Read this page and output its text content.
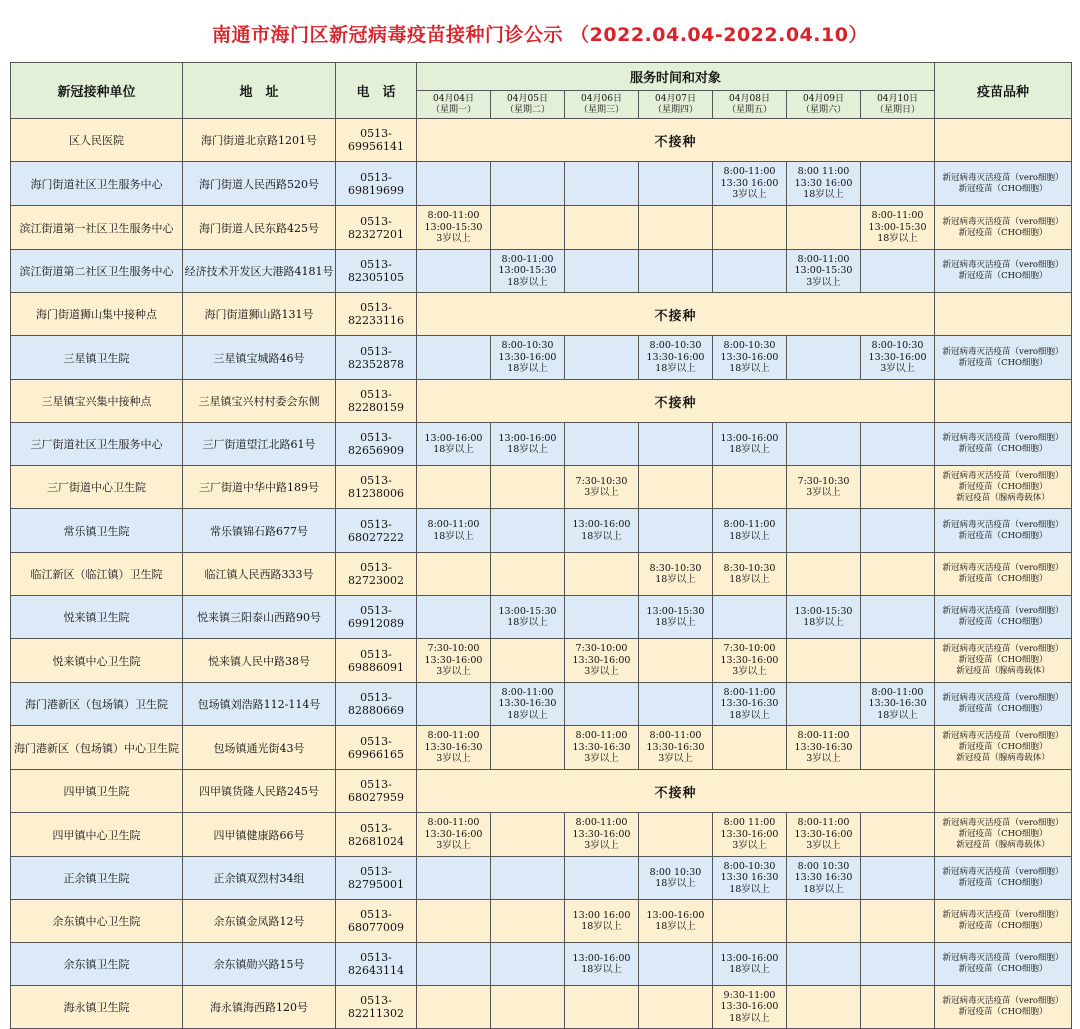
南通市海门区新冠病毒疫苗接种门诊公示 （2022.04.04-2022.04.10）
新冠接种单位	地　址	电　话	服务时间和对象							疫苗品种

			04月04日
（星期一）	04月05日
（星期二）	04月06日
（星期三）	04月07日
（星期四）	04月08日
（星期五）	04月09日
（星期六）	04月10日
（星期日）	

区人民医院	海门街道北京路1201号	0513-69956141	不接种							
海门街道社区卫生服务中心	海门街道人民西路520号	0513-69819699					8:00-11:00
13:30 16:00
3岁以上	8:00 11:00
13:30 16:00
18岁以上		新冠病毒灭活疫苗（vero细胞）
新冠疫苗（CHO细胞）

滨江街道第一社区卫生服务中心	海门街道人民东路425号	0513-82327201	8:00-11:00
13:00-15:30
3岁以上						8:00-11:00
13:00-15:30
18岁以上	新冠病毒灭活疫苗（vero细胞）
新冠疫苗（CHO细胞）

滨江街道第二社区卫生服务中心	经济技术开发区大港路4181号	0513-82305105		8:00-11:00
13:00-15:30
18岁以上				8:00-11:00
13:00-15:30
3岁以上		新冠病毒灭活疫苗（vero细胞）
新冠疫苗（CHO细胞）

海门街道狮山集中接种点	海门街道狮山路131号	0513-82233116	不接种							
三星镇卫生院	三星镇宝城路46号	0513-82352878		8:00-10:30
13:30-16:00
18岁以上		8:00-10:30
13:30-16:00
18岁以上	8:00-10:30
13:30-16:00
18岁以上		8:00-10:30
13:30-16:00
3岁以上	新冠病毒灭活疫苗（vero细胞）
新冠疫苗（CHO细胞）

三星镇宝兴集中接种点	三星镇宝兴村村委会东侧	0513-82280159	不接种							
三厂街道社区卫生服务中心	三厂街道望江北路61号	0513-82656909	13:00-16:00
18岁以上	13:00-16:00
18岁以上			13:00-16:00
18岁以上			新冠病毒灭活疫苗（vero细胞）
新冠疫苗（CHO细胞）

三厂街道中心卫生院	三厂街道中华中路189号	0513-81238006			7:30-10:30
3岁以上			7:30-10:30
3岁以上		新冠病毒灭活疫苗（vero细胞）
新冠疫苗（CHO细胞）
新冠疫苗（腺病毒载体）

常乐镇卫生院	常乐镇锦石路677号	0513-68027222	8:00-11:00
18岁以上		13:00-16:00
18岁以上		8:00-11:00
18岁以上			新冠病毒灭活疫苗（vero细胞）
新冠疫苗（CHO细胞）

临江新区（临江镇）卫生院	临江镇人民西路333号	0513-82723002				8:30-10:30
18岁以上	8:30-10:30
18岁以上			新冠病毒灭活疫苗（vero细胞）
新冠疫苗（CHO细胞）

悦来镇卫生院	悦来镇三阳泰山西路90号	0513-69912089		13:00-15:30
18岁以上		13:00-15:30
18岁以上		13:00-15:30
18岁以上		新冠病毒灭活疫苗（vero细胞）
新冠疫苗（CHO细胞）

悦来镇中心卫生院	悦来镇人民中路38号	0513-69886091	7:30-10:00
13:30-16:00
3岁以上		7:30-10:00
13:30-16:00
3岁以上		7:30-10:00
13:30-16:00
3岁以上			新冠病毒灭活疫苗（vero细胞）
新冠疫苗（CHO细胞）
新冠疫苗（腺病毒载体）

海门港新区（包场镇）卫生院	包场镇刘浩路112-114号	0513-82880669		8:00-11:00
13:30-16:30
18岁以上			8:00-11:00
13:30-16:30
18岁以上		8:00-11:00
13:30-16:30
18岁以上	新冠病毒灭活疫苗（vero细胞）
新冠疫苗（CHO细胞）

海门港新区（包场镇）中心卫生院	包场镇通光街43号	0513-69966165	8:00-11:00
13:30-16:30
3岁以上		8:00-11:00
13:30-16:30
3岁以上	8:00-11:00
13:30-16:30
3岁以上		8:00-11:00
13:30-16:30
3岁以上		新冠病毒灭活疫苗（vero细胞）
新冠疫苗（CHO细胞）
新冠疫苗（腺病毒载体）

四甲镇卫生院	四甲镇货隆人民路245号	0513-68027959	不接种							
四甲镇中心卫生院	四甲镇健康路66号	0513-82681024	8:00-11:00
13:30-16:00
3岁以上		8:00-11:00
13:30-16:00
3岁以上		8:00 11:00
13:30-16:00
3岁以上	8:00-11:00
13:30-16:00
3岁以上		新冠病毒灭活疫苗（vero细胞）
新冠疫苗（CHO细胞）
新冠疫苗（腺病毒载体）

正余镇卫生院	正余镇双烈村34组	0513-82795001				8:00 10:30
18岁以上	8:00-10:30
13:30 16:30
18岁以上	8:00 10:30
13:30 16:30
18岁以上		新冠病毒灭活疫苗（vero细胞）
新冠疫苗（CHO细胞）

余东镇中心卫生院	余东镇金凤路12号	0513-68077009			13:00 16:00
18岁以上	13:00-16:00
18岁以上				新冠病毒灭活疫苗（vero细胞）
新冠疫苗（CHO细胞）

余东镇卫生院	余东镇勋兴路15号	0513-82643114			13:00-16:00
18岁以上		13:00-16:00
18岁以上			新冠病毒灭活疫苗（vero细胞）
新冠疫苗（CHO细胞）

海永镇卫生院	海永镇海西路120号	0513-82211302					9:30-11:00
13:30-16:00
18岁以上			新冠病毒灭活疫苗（vero细胞）
新冠疫苗（CHO细胞）
